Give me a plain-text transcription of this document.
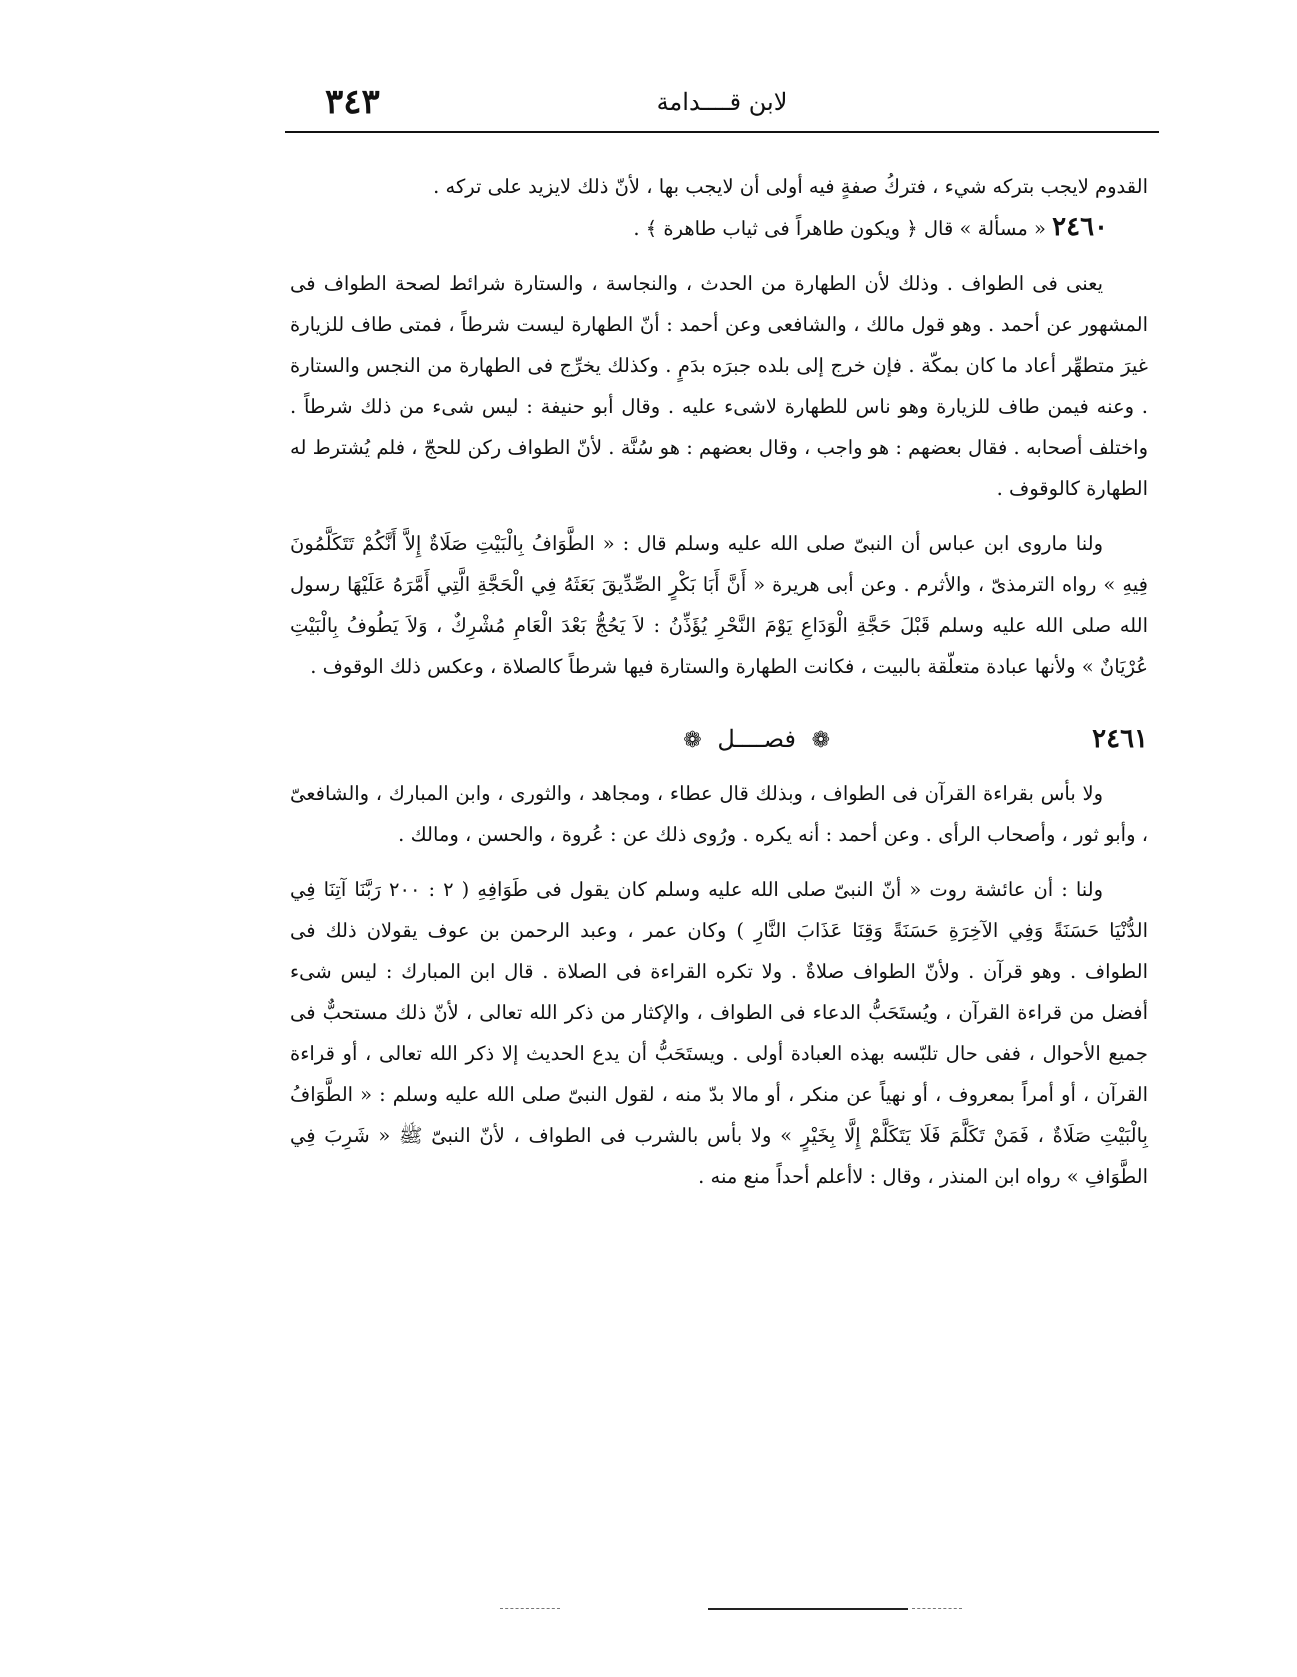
٣٤٣	لابن قــــدامة

القدوم لايجب بتركه شيء ، فتركُ صفةٍ فيه أولى أن لايجب بها ، لأنّ ذلك لايزيد على تركه .

٢٤٦٠ « مسألة » قال ﴿ ويكون طاهراً فى ثياب طاهرة ﴾ .

يعنى فى الطواف . وذلك لأن الطهارة من الحدث ، والنجاسة ، والستارة شرائط لصحة الطواف فى المشهور عن أحمد . وهو قول مالك ، والشافعى وعن أحمد : أنّ الطهارة ليست شرطاً ، فمتى طاف للزيارة غيرَ متطهِّر أعاد ما كان بمكّة . فإن خرج إلى بلده جبرَه بدَمٍ . وكذلك يخرِّج فى الطهارة من النجس والستارة . وعنه فيمن طاف للزيارة وهو ناس للطهارة لاشىء عليه . وقال أبو حنيفة : ليس شىء من ذلك شرطاً . واختلف أصحابه . فقال بعضهم : هو واجب ، وقال بعضهم : هو سُنَّة . لأنّ الطواف ركن للحجّ ، فلم يُشترط له الطهارة كالوقوف .

ولنا ماروى ابن عباس أن النبىّ صلى الله عليه وسلم قال : « الطَّوَافُ بِالْبَيْتِ صَلَاةٌ إِلاَّ أَنَّكُمْ تَتَكَلَّمُونَ فِيهِ » رواه الترمذىّ ، والأثرم . وعن أبى هريرة « أَنَّ أَبَا بَكْرٍ الصِّدِّيقَ بَعَثَهُ فِي الْحَجَّةِ الَّتِي أَمَّرَهُ عَلَيْهَا رسول الله صلى الله عليه وسلم قَبْلَ حَجَّةِ الْوَدَاعِ يَوْمَ النَّحْرِ يُؤَذِّنُ : لاَ يَحُجُّ بَعْدَ الْعَامِ مُشْرِكٌ ، وَلاَ يَطُوفُ بِالْبَيْتِ عُرْيَانٌ » ولأنها عبادة متعلّقة بالبيت ، فكانت الطهارة والستارة فيها شرطاً كالصلاة ، وعكس ذلك الوقوف .

٢٤٦١
❁ فصــــل ❁

ولا بأس بقراءة القرآن فى الطواف ، وبذلك قال عطاء ، ومجاهد ، والثورى ، وابن المبارك ، والشافعىّ ، وأبو ثور ، وأصحاب الرأى . وعن أحمد : أنه يكره . ورُوى ذلك عن : عُروة ، والحسن ، ومالك .

ولنا : أن عائشة روت « أنّ النبىّ صلى الله عليه وسلم كان يقول فى طَوَافِهِ ( ٢ : ٢٠٠ رَبَّنَا آتِنَا فِي الدُّنْيَا حَسَنَةً وَفِي الآخِرَةِ حَسَنَةً وَقِنَا عَذَابَ النَّارِ ) وكان عمر ، وعبد الرحمن بن عوف يقولان ذلك فى الطواف . وهو قرآن . ولأنّ الطواف صلاةٌ . ولا تكره القراءة فى الصلاة . قال ابن المبارك : ليس شىء أفضل من قراءة القرآن ، ويُستَحَبُّ الدعاء فى الطواف ، والإكثار من ذكر الله تعالى ، لأنّ ذلك مستحبٌّ فى جميع الأحوال ، ففى حال تلبّسه بهذه العبادة أولى . ويستَحَبُّ أن يدع الحديث إلا ذكر الله تعالى ، أو قراءة القرآن ، أو أمراً بمعروف ، أو نهياً عن منكر ، أو مالا بدّ منه ، لقول النبىّ صلى الله عليه وسلم : « الطَّوَافُ بِالْبَيْتِ صَلَاةٌ ، فَمَنْ تَكَلَّمَ فَلَا يَتَكَلَّمْ إِلَّا بِخَيْرٍ » ولا بأس بالشرب فى الطواف ، لأنّ النبىّ ﷺ « شَرِبَ فِي الطَّوَافِ » رواه ابن المنذر ، وقال : لاأعلم أحداً منع منه .
